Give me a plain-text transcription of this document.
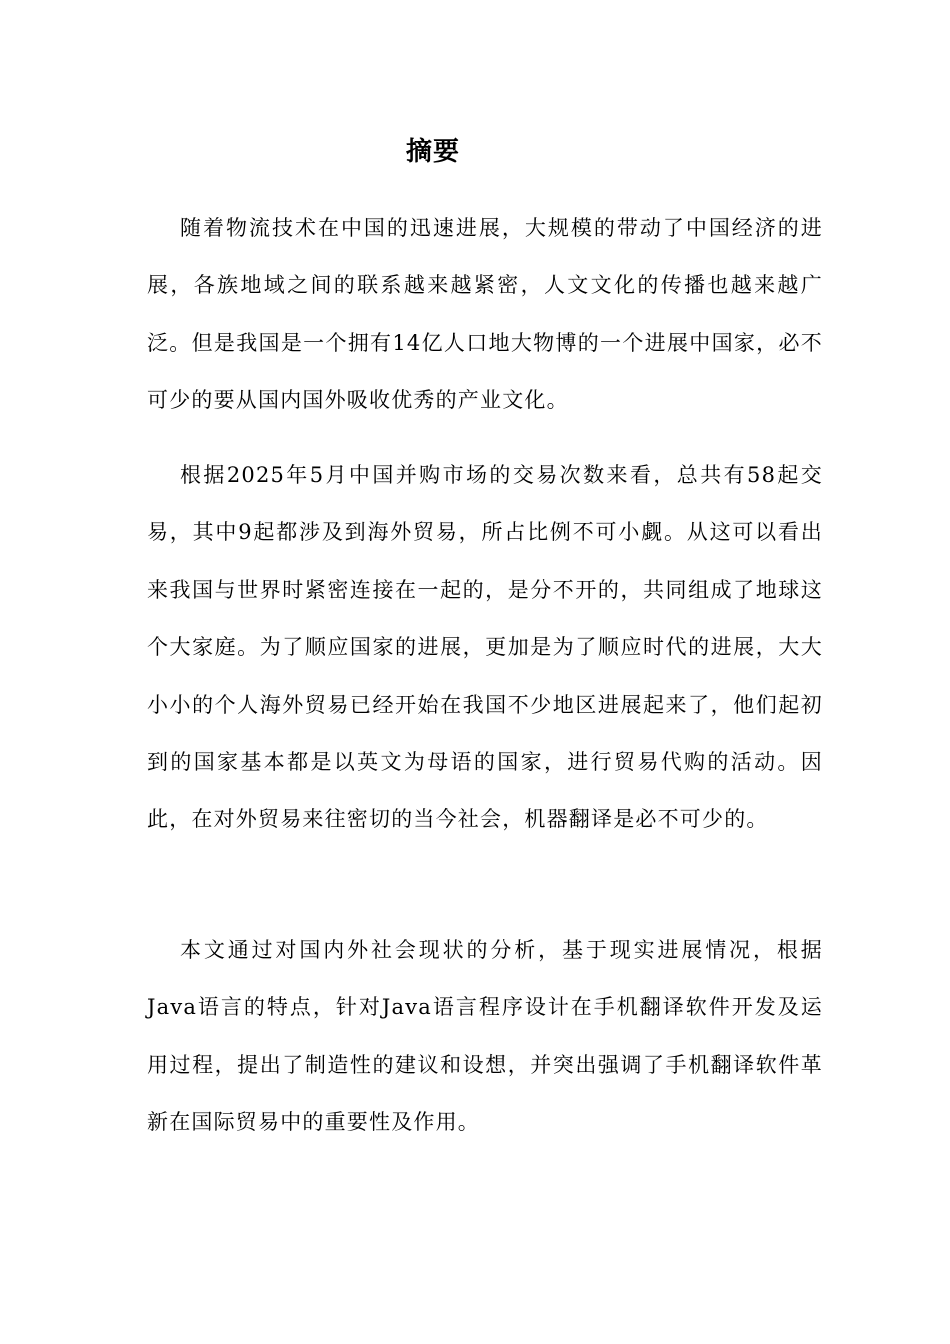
摘要

随着物流技术在中国的迅速进展，大规模的带动了中国经济的进展，各族地域之间的联系越来越紧密，人文文化的传播也越来越广泛。但是我国是一个拥有14亿人口地大物博的一个进展中国家，必不可少的要从国内国外吸收优秀的产业文化。

根据2025年5月中国并购市场的交易次数来看，总共有58起交易，其中9起都涉及到海外贸易，所占比例不可小觑。从这可以看出来我国与世界时紧密连接在一起的，是分不开的，共同组成了地球这个大家庭。为了顺应国家的进展，更加是为了顺应时代的进展，大大小小的个人海外贸易已经开始在我国不少地区进展起来了，他们起初到的国家基本都是以英文为母语的国家，进行贸易代购的活动。因此，在对外贸易来往密切的当今社会，机器翻译是必不可少的。

本文通过对国内外社会现状的分析，基于现实进展情况，根据Java语言的特点，针对Java语言程序设计在手机翻译软件开发及运用过程，提出了制造性的建议和设想，并突出强调了手机翻译软件革新在国际贸易中的重要性及作用。
